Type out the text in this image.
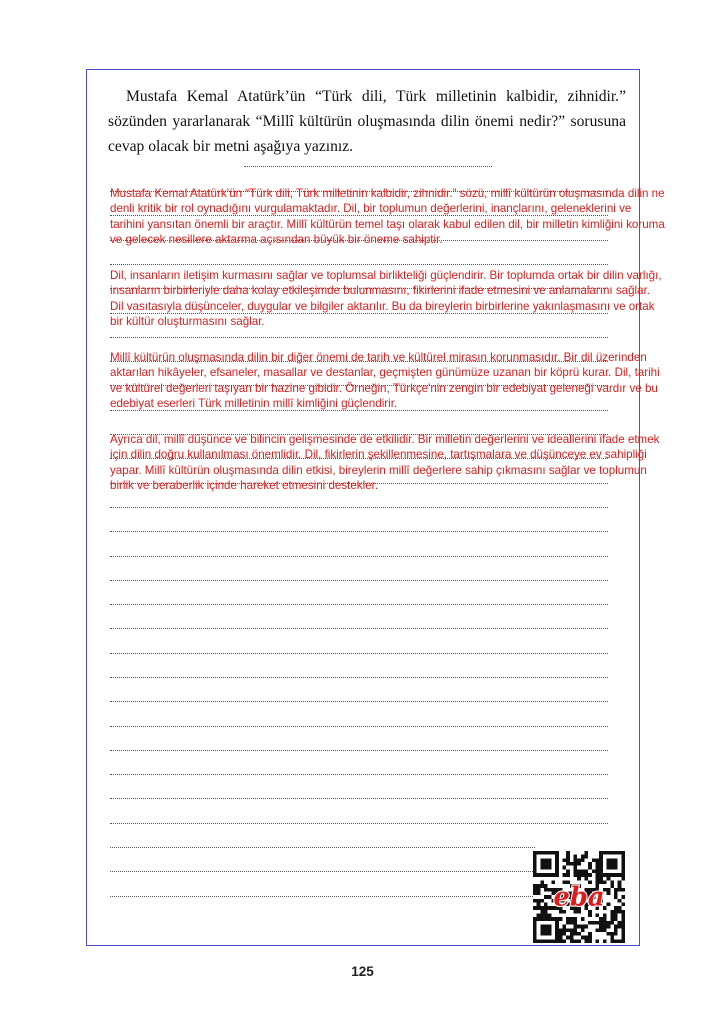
Mustafa Kemal Atatürk’ün “Türk dili, Türk milletinin kalbidir, zihnidir.” sözünden yararlanarak “Millî kültürün oluşmasında dilin önemi nedir?” sorusuna cevap olacak bir metni aşağıya yazınız.

Mustafa Kemal Atatürk’ün “Türk dili, Türk milletinin kalbidir, zihnidir.” sözü, millî kültürün oluşmasında dilin ne denli kritik bir rol oynadığını vurgulamaktadır. Dil, bir toplumun değerlerini, inançlarını, geleneklerini ve tarihini yansıtan önemli bir araçtır. Millî kültürün temel taşı olarak kabul edilen dil, bir milletin kimliğini koruma ve gelecek nesillere aktarma açısından büyük bir öneme sahiptir.

Dil, insanların iletişim kurmasını sağlar ve toplumsal birlikteliği güçlendirir. Bir toplumda ortak bir dilin varlığı, insanların birbirleriyle daha kolay etkileşimde bulunmasını, fikirlerini ifade etmesini ve anlamalarını sağlar. Dil vasıtasıyla düşünceler, duygular ve bilgiler aktarılır. Bu da bireylerin birbirlerine yakınlaşmasını ve ortak bir kültür oluşturmasını sağlar.

Millî kültürün oluşmasında dilin bir diğer önemi de tarih ve kültürel mirasın korunmasıdır. Bir dil üzerinden aktarılan hikâyeler, efsaneler, masallar ve destanlar, geçmişten günümüze uzanan bir köprü kurar. Dil, tarihi ve kültürel değerleri taşıyan bir hazine gibidir. Örneğin, Türkçe'nin zengin bir edebiyat geleneği vardır ve bu edebiyat eserleri Türk milletinin millî kimliğini güçlendirir.

Ayrıca dil, millî düşünce ve bilincin gelişmesinde de etkilidir. Bir milletin değerlerini ve ideallerini ifade etmek için dilin doğru kullanılması önemlidir. Dil, fikirlerin şekillenmesine, tartışmalara ve düşünceye ev sahipliği yapar. Millî kültürün oluşmasında dilin etkisi, bireylerin millî değerlere sahip çıkmasını sağlar ve toplumun birlik ve beraberlik içinde hareket etmesini destekler.

eba
125
